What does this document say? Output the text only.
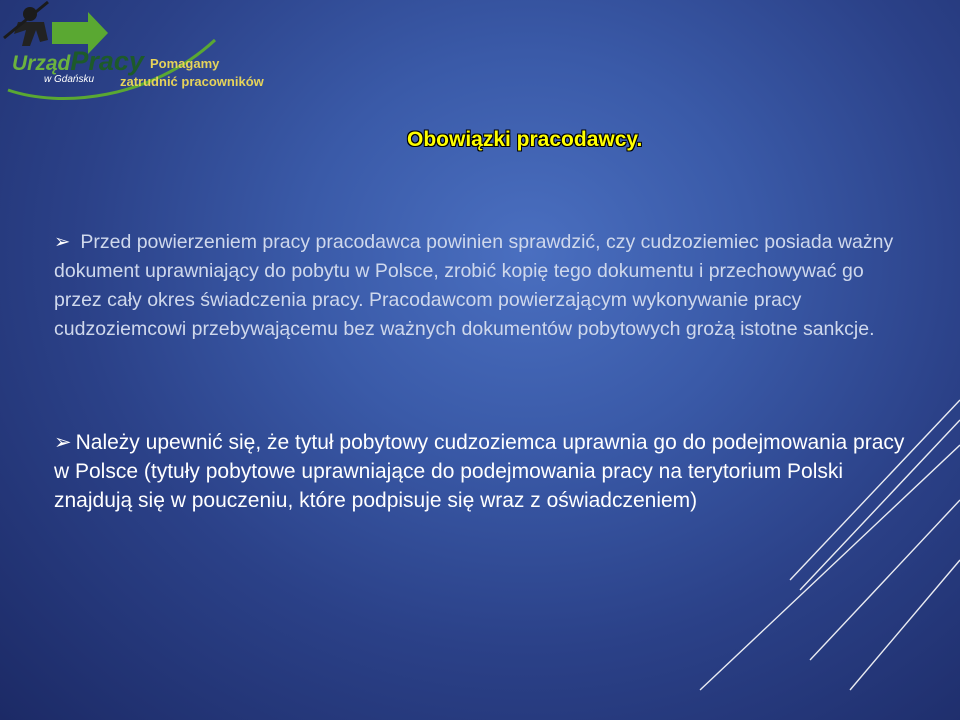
UrządPracy
w Gdańsku
Pomagamy
zatrudnić pracowników
Obowiązki pracodawcy.

➢ Przed powierzeniem pracy pracodawca powinien sprawdzić, czy cudzoziemiec posiada ważny dokument uprawniający do pobytu w Polsce, zrobić kopię tego dokumentu i przechowywać go przez cały okres świadczenia pracy. Pracodawcom powierzającym wykonywanie pracy cudzoziemcowi przebywającemu bez ważnych dokumentów pobytowych grożą istotne sankcje.

➢ Należy upewnić się, że tytuł pobytowy cudzoziemca uprawnia go do podejmowania pracy w Polsce (tytuły pobytowe uprawniające do podejmowania pracy na terytorium Polski znajdują się w pouczeniu, które podpisuje się wraz z oświadczeniem)
